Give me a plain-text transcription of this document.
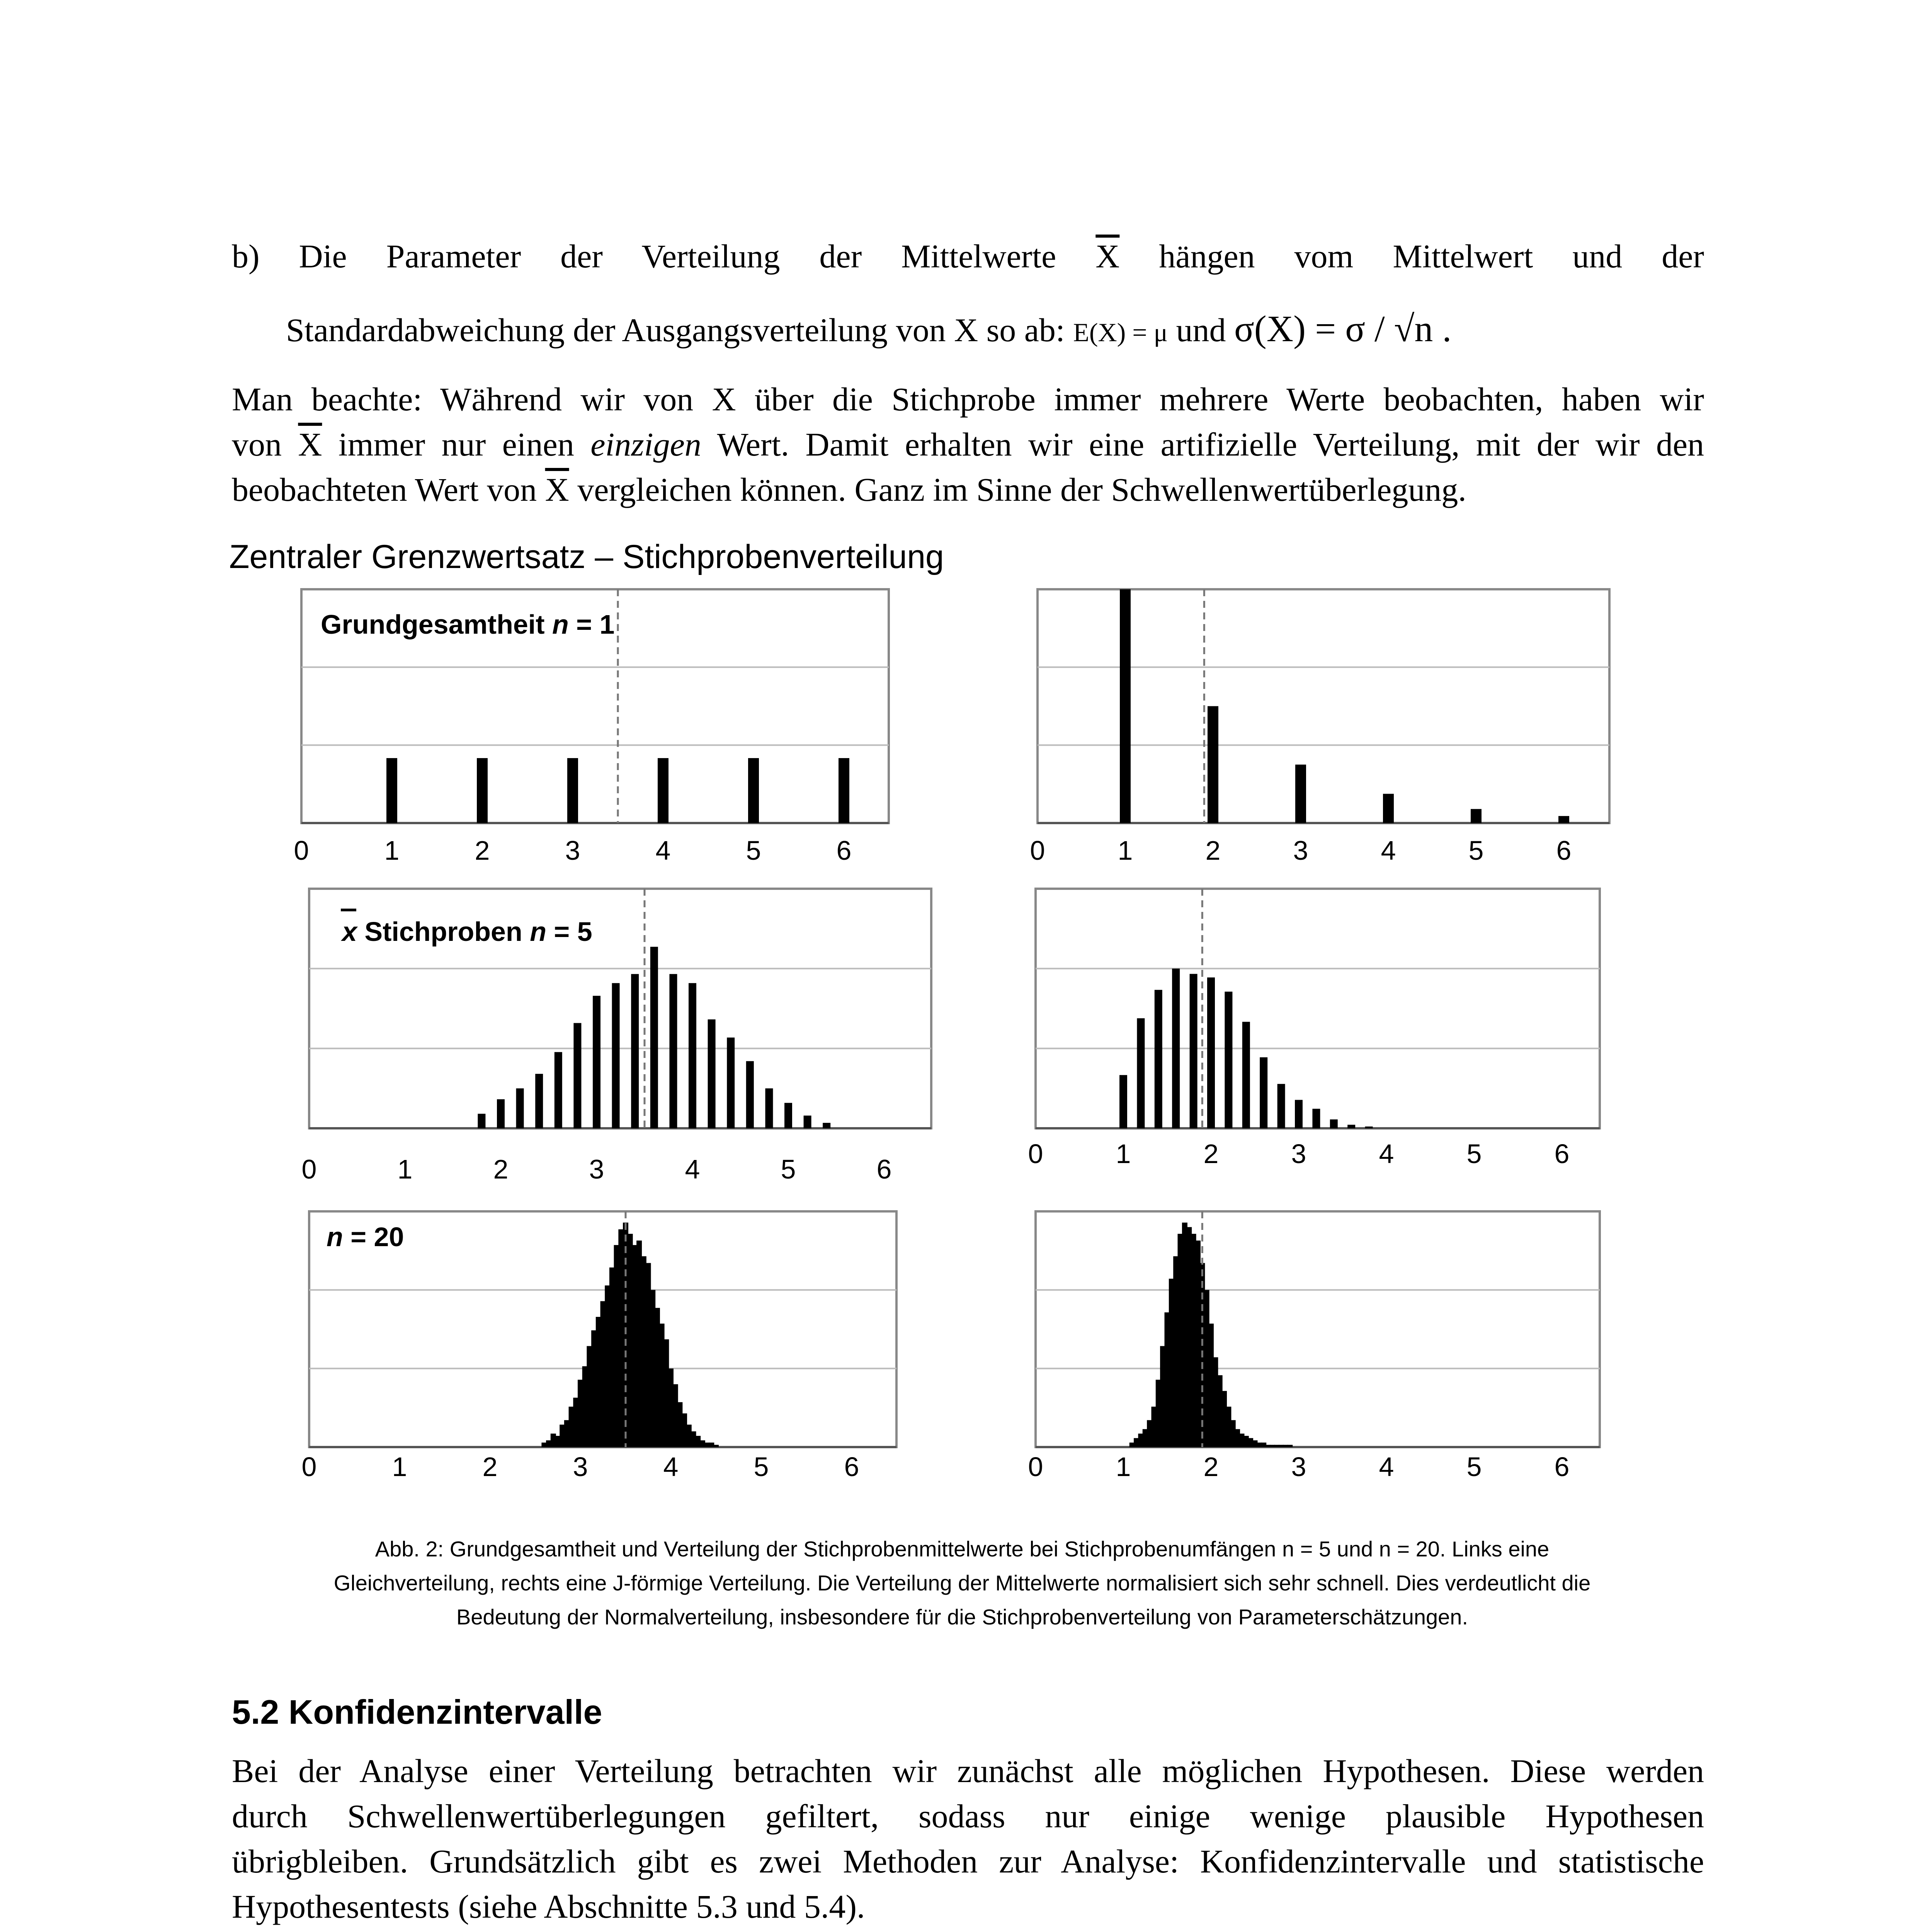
b) Die Parameter der Verteilung der Mittelwerte $\overline{X}$ hängen vom Mittelwert und der
Standardabweichung der Ausgangsverteilung von X so ab: E(X) = μ und σ(X) = σ / √n .
Man beachte: Während wir von X über die Stichprobe immer mehrere Werte beobachten, haben wir
von $\overline{X}$ immer nur einen einzigen Wert. Damit erhalten wir eine artifizielle Verteilung, mit der wir den
beobachteten Wert von $\overline{X}$ vergleichen können. Ganz im Sinne der Schwellenwertüberlegung.
Zentraler Grenzwertsatz – Stichprobenverteilung
0	1	2	3	4	5	6	0	1	2	3	4	5	6
0	1	2	3	4	5	6
0	1	2	3	4	5	6
0	1	2	3	4	5	6	0	1	2	3	4	5	6
Grundgesamtheit n = 1
x Stichproben n = 5
n = 20
Abb. 2: Grundgesamtheit und Verteilung der Stichprobenmittelwerte bei Stichprobenumfängen n = 5 und n = 20. Links eine
Gleichverteilung, rechts eine J-förmige Verteilung. Die Verteilung der Mittelwerte normalisiert sich sehr schnell. Dies verdeutlicht die
Bedeutung der Normalverteilung, insbesondere für die Stichprobenverteilung von Parameterschätzungen.
5.2 Konfidenzintervalle
Bei der Analyse einer Verteilung betrachten wir zunächst alle möglichen Hypothesen. Diese werden
durch Schwellenwertüberlegungen gefiltert, sodass nur einige wenige plausible Hypothesen
übrigbleiben. Grundsätzlich gibt es zwei Methoden zur Analyse: Konfidenzintervalle und statistische
Hypothesentests (siehe Abschnitte 5.3 und 5.4).
